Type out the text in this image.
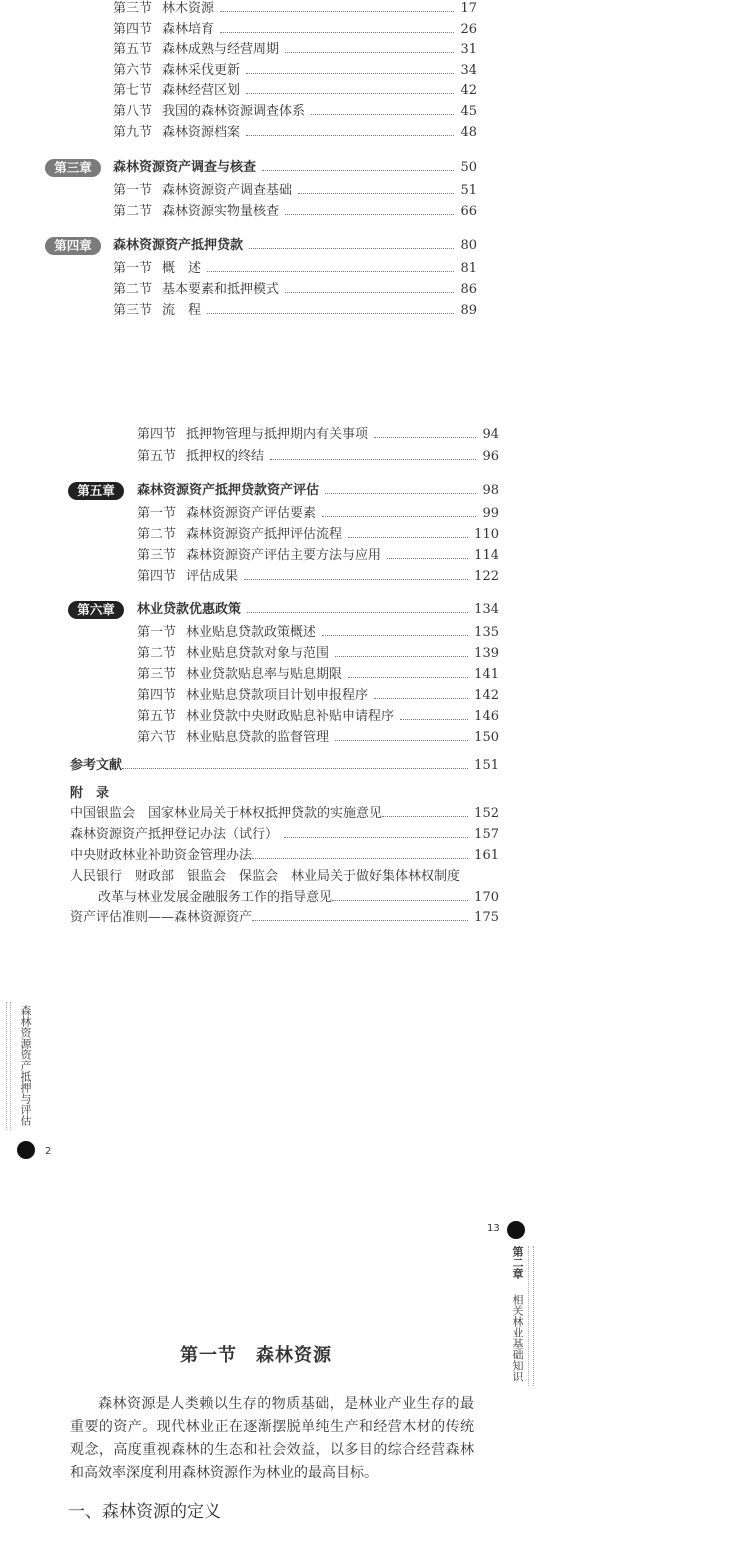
第三节 林木资源	17
第四节 森林培育	26
第五节 森林成熟与经营周期	31
第六节 森林采伐更新	34
第七节 森林经营区划	42
第八节 我国的森林资源调查体系	45
第九节 森林资源档案	48
第三章	森林资源资产调查与核查	50
第一节 森林资源资产调查基础	51
第二节 森林资源实物量核查	66
第四章	森林资源资产抵押贷款	80
第一节 概　述	81
第二节 基本要素和抵押模式	86
第三节 流　程	89
第四节 抵押物管理与抵押期内有关事项	94
第五节 抵押权的终结	96
第五章	森林资源资产抵押贷款资产评估	98
第一节 森林资源资产评估要素	99
第二节 森林资源资产抵押评估流程	110
第三节 森林资源资产评估主要方法与应用	114
第四节 评估成果	122
第六章	林业贷款优惠政策	134
第一节 林业贴息贷款政策概述	135
第二节 林业贴息贷款对象与范围	139
第三节 林业贷款贴息率与贴息期限	141
第四节 林业贴息贷款项目计划申报程序	142
第五节 林业贷款中央财政贴息补贴申请程序	146
第六节 林业贴息贷款的监督管理	150
参考文献	151
附　录
中国银监会　国家林业局关于林权抵押贷款的实施意见	152
森林资源资产抵押登记办法（试行）	157
中央财政林业补助资金管理办法	161
人民银行　财政部　银监会　保监会　林业局关于做好集体林权制度
改革与林业发展金融服务工作的指导意见	170
资产评估准则——森林资源资产	175
森林资源资产抵押与评估
2
13
第二章
相关林业基础知识
第一节　森林资源
森林资源是人类赖以生存的物质基础，是林业产业生存的最重要的资产。现代林业正在逐渐摆脱单纯生产和经营木材的传统观念，高度重视森林的生态和社会效益，以多目的综合经营森林和高效率深度利用森林资源作为林业的最高目标。
一、森林资源的定义
